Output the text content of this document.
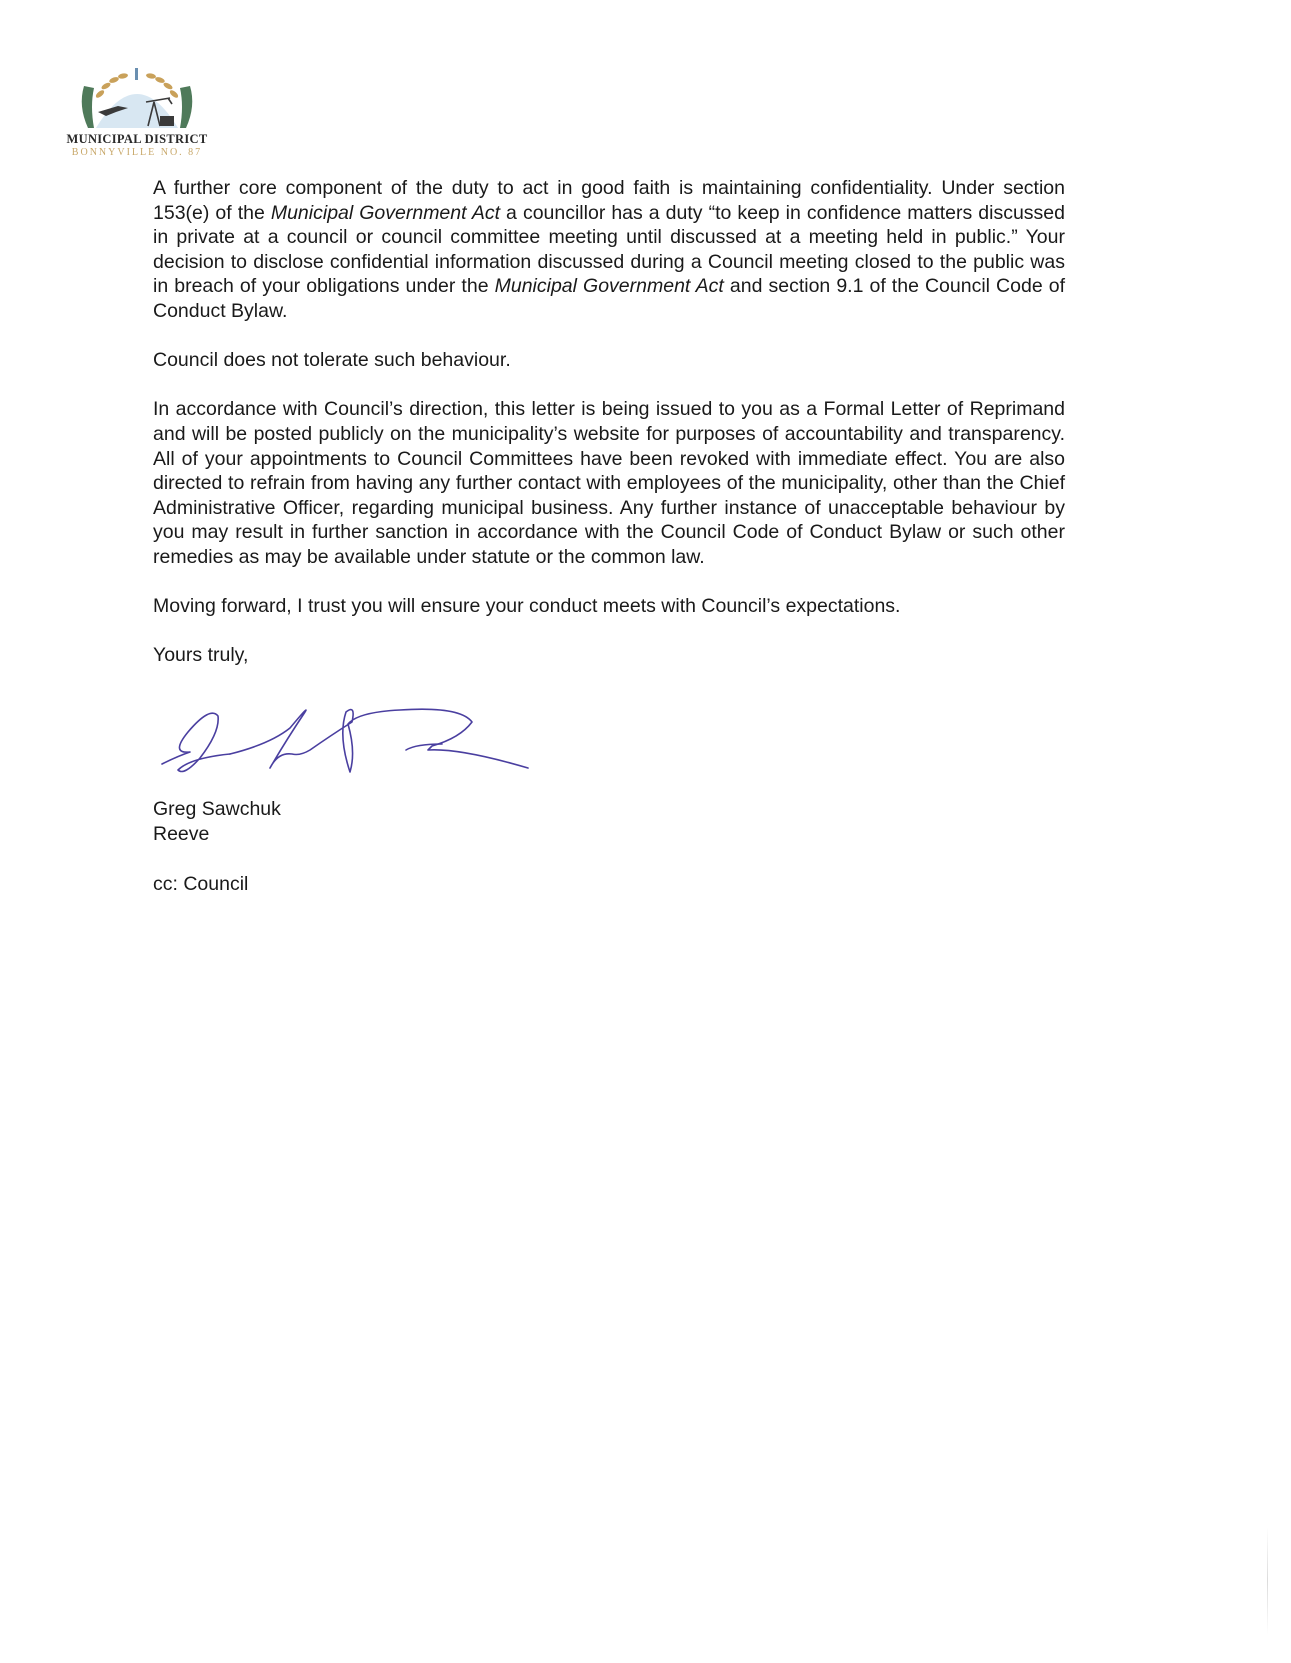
MUNICIPAL DISTRICT
BONNYVILLE NO. 87

A further core component of the duty to act in good faith is maintaining confidentiality. Under section 153(e) of the Municipal Government Act a councillor has a duty “to keep in confidence matters discussed in private at a council or council committee meeting until discussed at a meeting held in public.” Your decision to disclose confidential information discussed during a Council meeting closed to the public was in breach of your obligations under the Municipal Government Act and section 9.1 of the Council Code of Conduct Bylaw.

Council does not tolerate such behaviour.

In accordance with Council’s direction, this letter is being issued to you as a Formal Letter of Reprimand and will be posted publicly on the municipality’s website for purposes of accountability and transparency. All of your appointments to Council Committees have been revoked with immediate effect. You are also directed to refrain from having any further contact with employees of the municipality, other than the Chief Administrative Officer, regarding municipal business. Any further instance of unacceptable behaviour by you may result in further sanction in accordance with the Council Code of Conduct Bylaw or such other remedies as may be available under statute or the common law.

Moving forward, I trust you will ensure your conduct meets with Council’s expectations.

Yours truly,

Greg Sawchuk
Reeve
cc: Council
